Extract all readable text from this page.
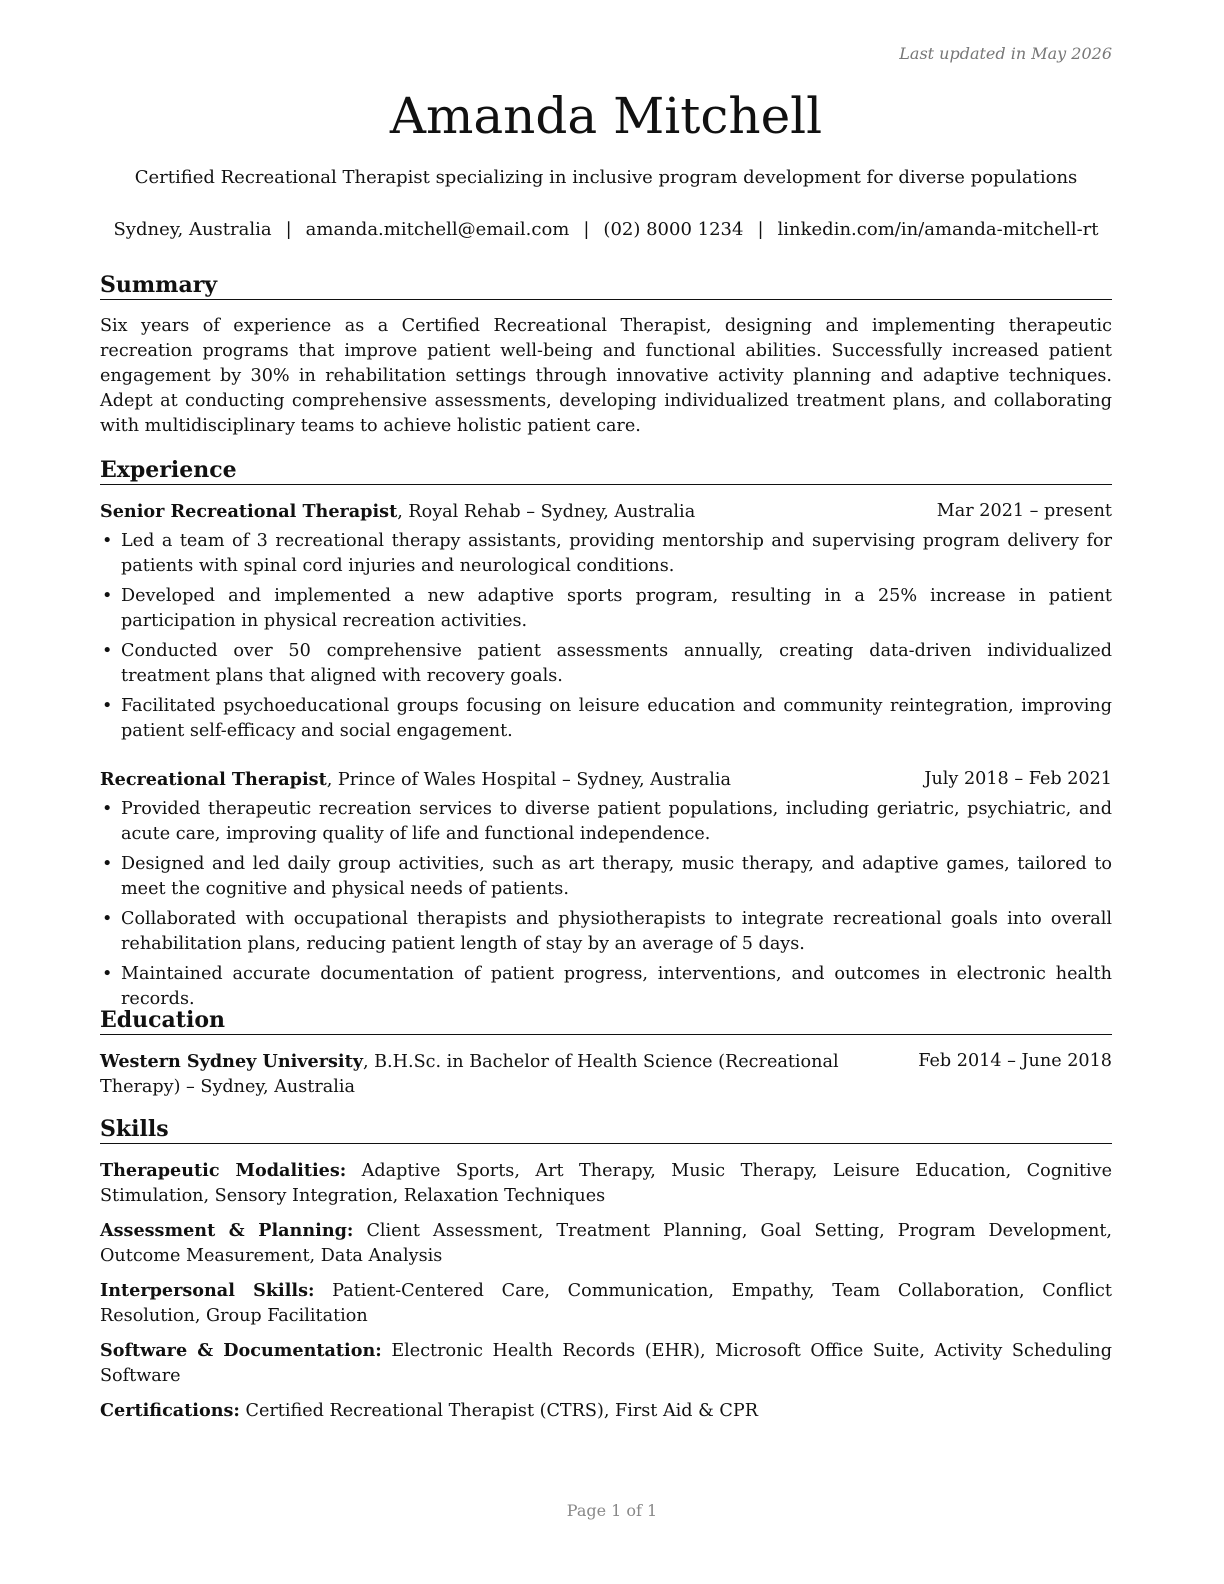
Last updated in May 2026
Amanda Mitchell
Certified Recreational Therapist specializing in inclusive program development for diverse populations
Sydney, Australia | amanda.mitchell@email.com | (02) 8000 1234 | linkedin.com/in/amanda-mitchell-rt
Summary
Six years of experience as a Certified Recreational Therapist, designing and implementing therapeutic recreation programs that improve patient well-being and functional abilities. Successfully increased patient engagement by 30% in rehabilitation settings through innovative activity planning and adaptive techniques. Adept at conducting comprehensive assessments, developing individualized treatment plans, and collaborating with multidisciplinary teams to achieve holistic patient care.
Experience
Senior Recreational Therapist, Royal Rehab – Sydney, Australia	Mar 2021 – present
• Led a team of 3 recreational therapy assistants, providing mentorship and supervising program delivery for patients with spinal cord injuries and neurological conditions.
• Developed and implemented a new adaptive sports program, resulting in a 25% increase in patient participation in physical recreation activities.
• Conducted over 50 comprehensive patient assessments annually, creating data-driven individualized treatment plans that aligned with recovery goals.
• Facilitated psychoeducational groups focusing on leisure education and community reintegration, improving patient self-efficacy and social engagement.
Recreational Therapist, Prince of Wales Hospital – Sydney, Australia	July 2018 – Feb 2021
• Provided therapeutic recreation services to diverse patient populations, including geriatric, psychiatric, and acute care, improving quality of life and functional independence.
• Designed and led daily group activities, such as art therapy, music therapy, and adaptive games, tailored to meet the cognitive and physical needs of patients.
• Collaborated with occupational therapists and physiotherapists to integrate recreational goals into overall rehabilitation plans, reducing patient length of stay by an average of 5 days.
• Maintained accurate documentation of patient progress, interventions, and outcomes in electronic health records.
Education
Western Sydney University, B.H.Sc. in Bachelor of Health Science (Recreational Therapy) – Sydney, Australia
Feb 2014 – June 2018
Skills
Therapeutic Modalities: Adaptive Sports, Art Therapy, Music Therapy, Leisure Education, Cognitive Stimulation, Sensory Integration, Relaxation Techniques
Assessment & Planning: Client Assessment, Treatment Planning, Goal Setting, Program Development, Outcome Measurement, Data Analysis
Interpersonal Skills: Patient-Centered Care, Communication, Empathy, Team Collaboration, Conflict Resolution, Group Facilitation
Software & Documentation: Electronic Health Records (EHR), Microsoft Office Suite, Activity Scheduling Software
Certifications: Certified Recreational Therapist (CTRS), First Aid & CPR
Page 1 of 1
